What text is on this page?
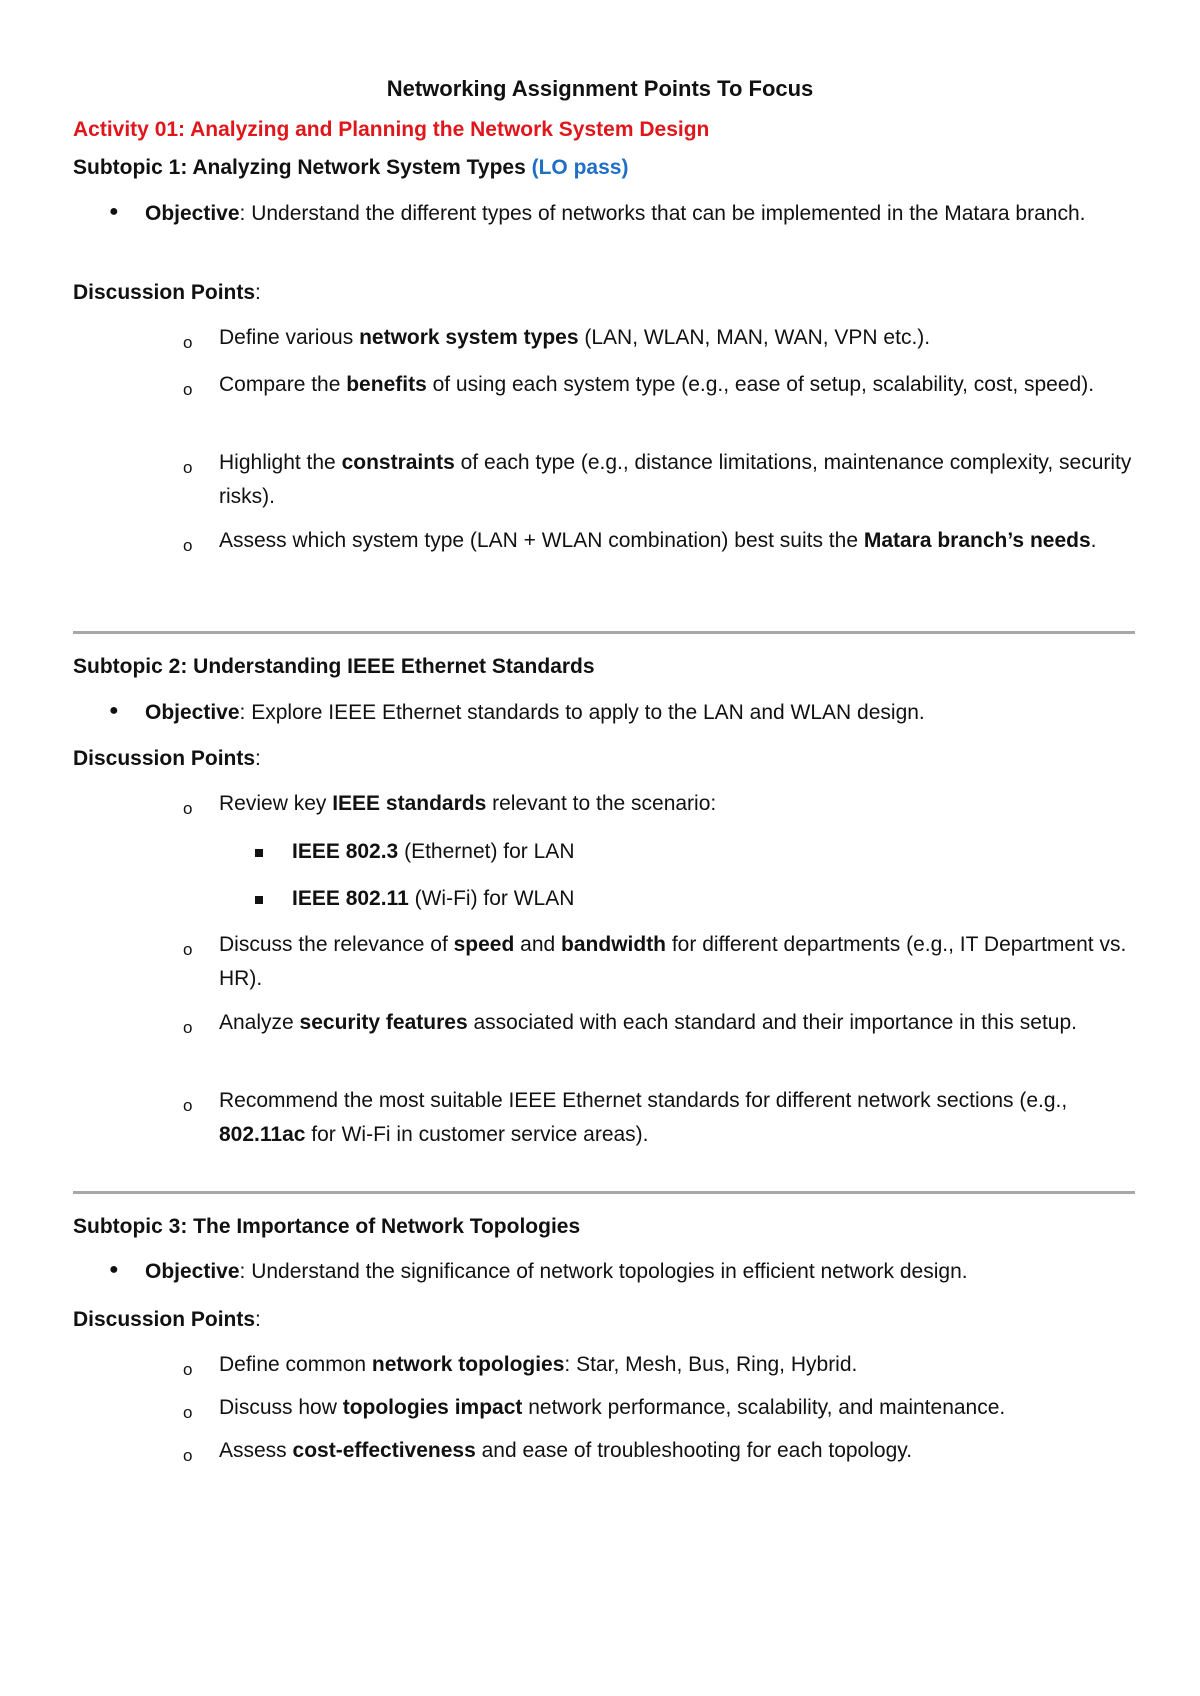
Networking Assignment Points To Focus
Activity 01: Analyzing and Planning the Network System Design
Subtopic 1: Analyzing Network System Types (LO pass)
● Objective: Understand the different types of networks that can be implemented in the Matara branch.
Discussion Points:
o Define various network system types (LAN, WLAN, MAN, WAN, VPN etc.).
o Compare the benefits of using each system type (e.g., ease of setup, scalability, cost, speed).
o Highlight the constraints of each type (e.g., distance limitations, maintenance complexity, security risks).
o Assess which system type (LAN + WLAN combination) best suits the Matara branch’s needs.
Subtopic 2: Understanding IEEE Ethernet Standards
● Objective: Explore IEEE Ethernet standards to apply to the LAN and WLAN design.
Discussion Points:
o Review key IEEE standards relevant to the scenario:
IEEE 802.3 (Ethernet) for LAN
IEEE 802.11 (Wi-Fi) for WLAN
o Discuss the relevance of speed and bandwidth for different departments (e.g., IT Department vs. HR).
o Analyze security features associated with each standard and their importance in this setup.
o Recommend the most suitable IEEE Ethernet standards for different network sections (e.g., 802.11ac for Wi-Fi in customer service areas).
Subtopic 3: The Importance of Network Topologies
● Objective: Understand the significance of network topologies in efficient network design.
Discussion Points:
o Define common network topologies: Star, Mesh, Bus, Ring, Hybrid.
o Discuss how topologies impact network performance, scalability, and maintenance.
o Assess cost-effectiveness and ease of troubleshooting for each topology.
